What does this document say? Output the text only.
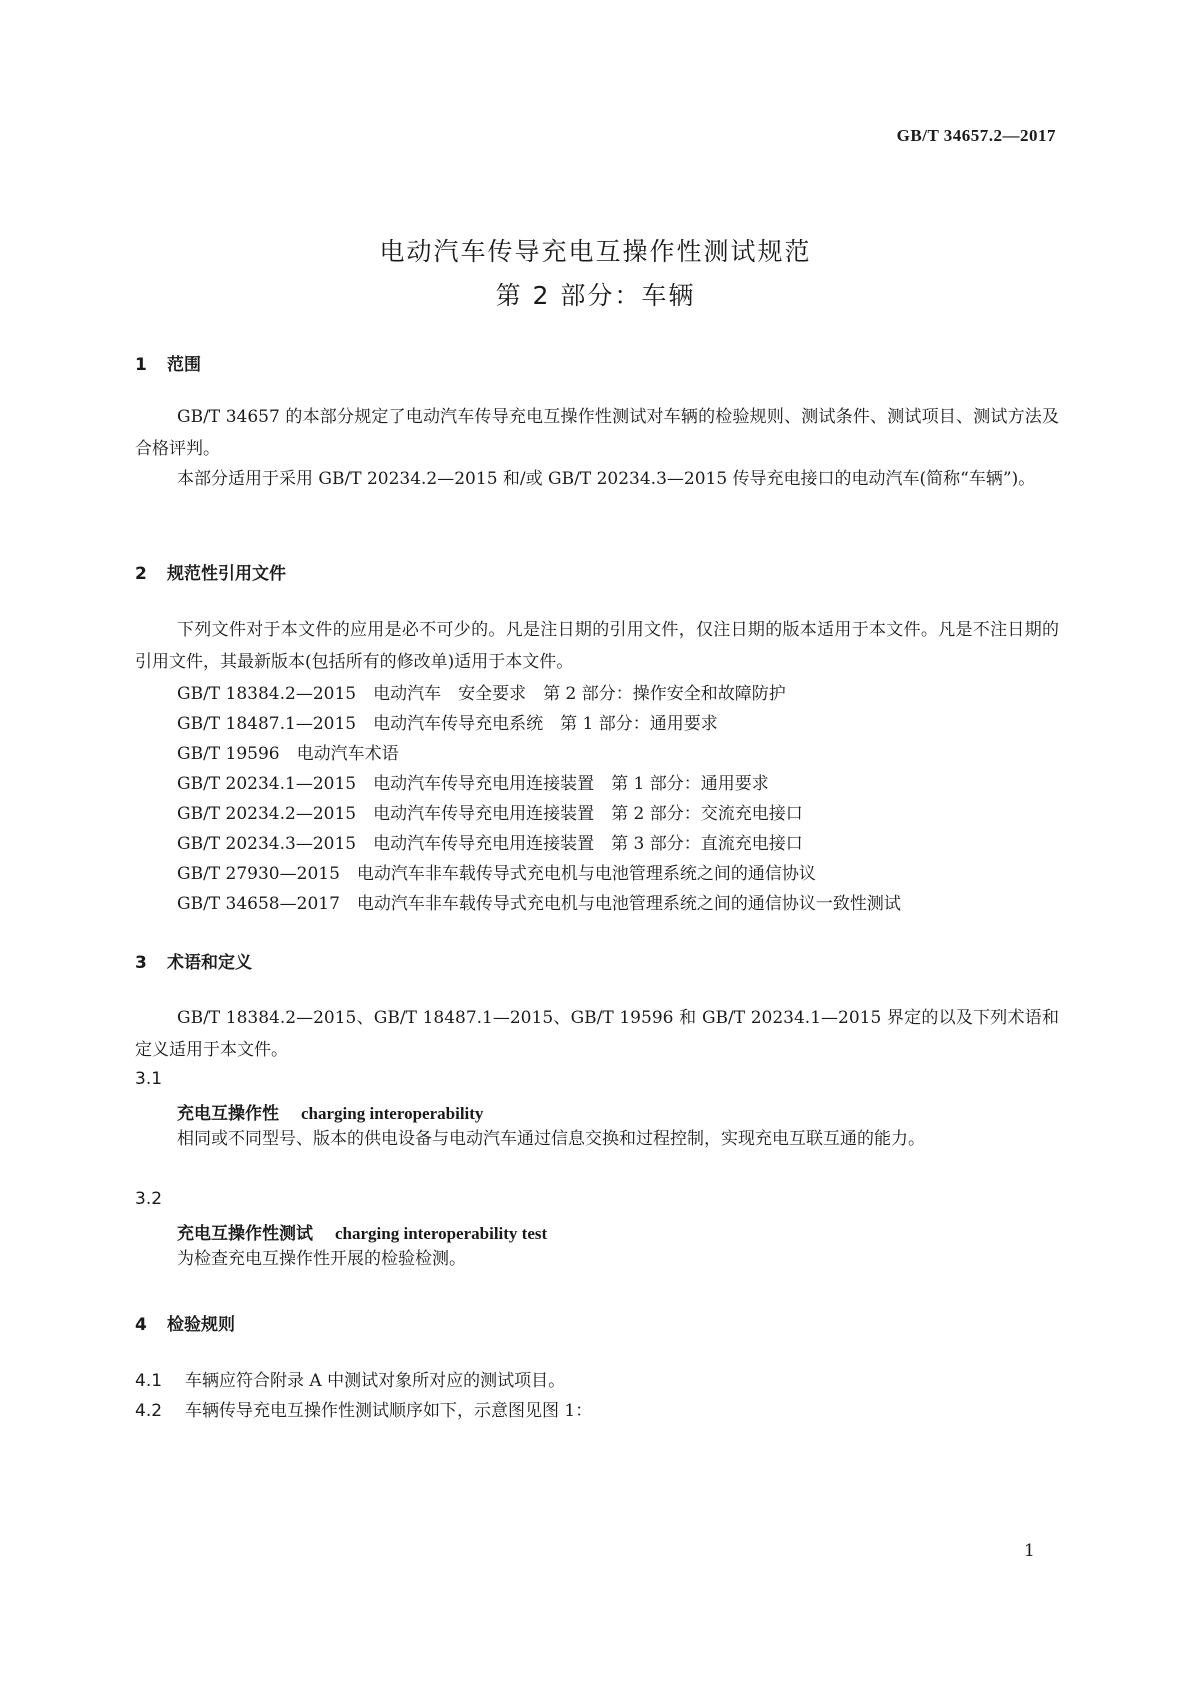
GB/T 34657.2—2017
电动汽车传导充电互操作性测试规范
第 2 部分：车辆
1 范围

GB/T 34657 的本部分规定了电动汽车传导充电互操作性测试对车辆的检验规则、测试条件、测试项目、测试方法及合格评判。

本部分适用于采用 GB/T 20234.2—2015 和/或 GB/T 20234.3—2015 传导充电接口的电动汽车(简称“车辆”)。

2 规范性引用文件

下列文件对于本文件的应用是必不可少的。凡是注日期的引用文件，仅注日期的版本适用于本文件。凡是不注日期的引用文件，其最新版本(包括所有的修改单)适用于本文件。

GB/T 18384.2—2015　电动汽车　安全要求　第 2 部分：操作安全和故障防护
GB/T 18487.1—2015　电动汽车传导充电系统　第 1 部分：通用要求
GB/T 19596　电动汽车术语
GB/T 20234.1—2015　电动汽车传导充电用连接装置　第 1 部分：通用要求
GB/T 20234.2—2015　电动汽车传导充电用连接装置　第 2 部分：交流充电接口
GB/T 20234.3—2015　电动汽车传导充电用连接装置　第 3 部分：直流充电接口
GB/T 27930—2015　电动汽车非车载传导式充电机与电池管理系统之间的通信协议
GB/T 34658—2017　电动汽车非车载传导式充电机与电池管理系统之间的通信协议一致性测试
3 术语和定义

GB/T 18384.2—2015、GB/T 18487.1—2015、GB/T 19596 和 GB/T 20234.1—2015 界定的以及下列术语和定义适用于本文件。

3.1
充电互操作性 charging interoperability

相同或不同型号、版本的供电设备与电动汽车通过信息交换和过程控制，实现充电互联互通的能力。

3.2
充电互操作性测试 charging interoperability test

为检查充电互操作性开展的检验检测。

4 检验规则
4.1 车辆应符合附录 A 中测试对象所对应的测试项目。
4.2 车辆传导充电互操作性测试顺序如下，示意图见图 1：
1
